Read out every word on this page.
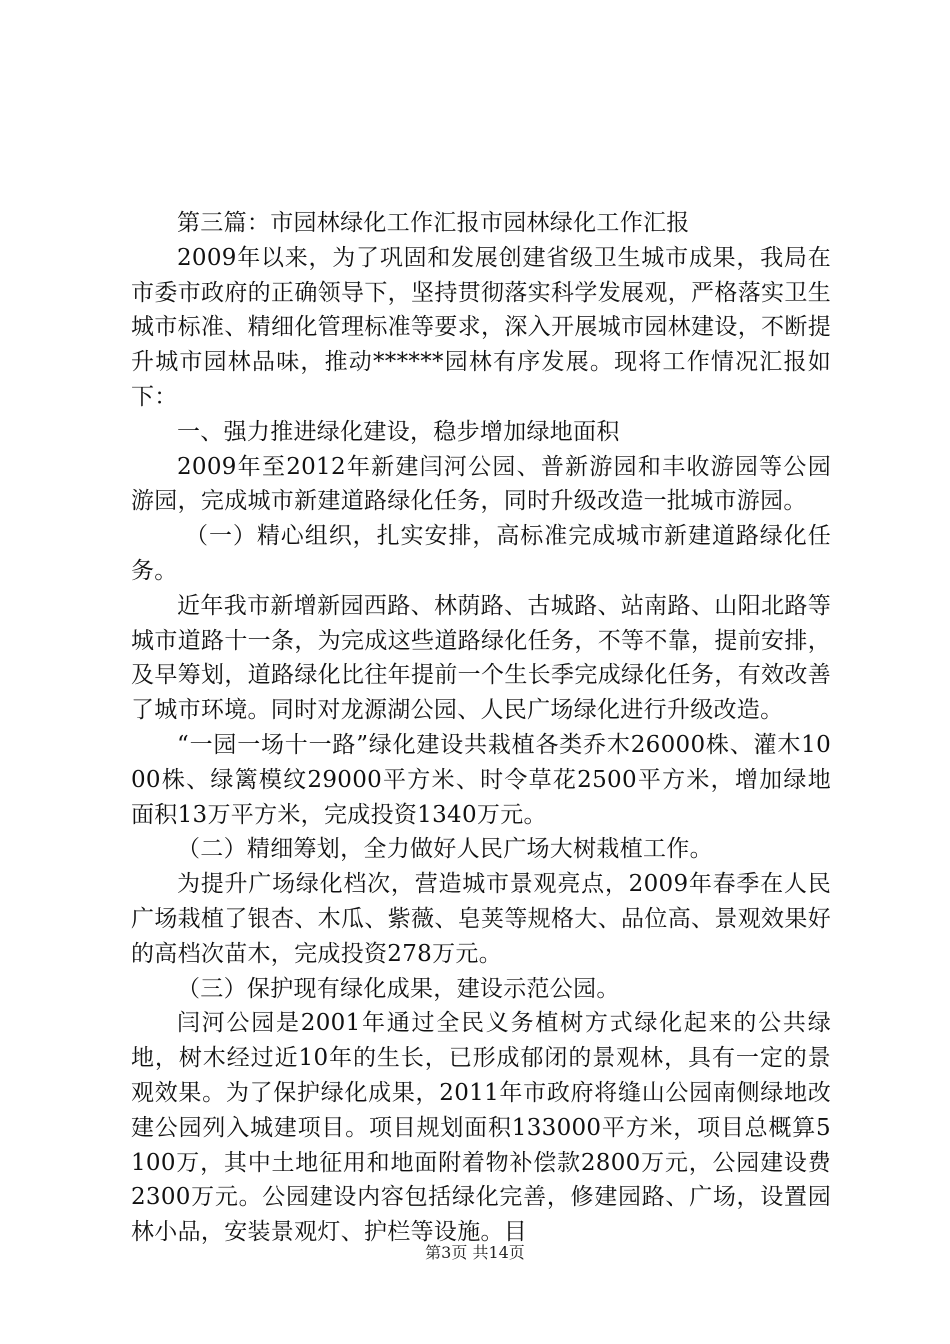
第三篇：市园林绿化工作汇报市园林绿化工作汇报

2009年以来，为了巩固和发展创建省级卫生城市成果，我局在市委市政府的正确领导下，坚持贯彻落实科学发展观，严格落实卫生城市标准、精细化管理标准等要求，深入开展城市园林建设，不断提升城市园林品味，推动******园林有序发展。现将工作情况汇报如下：

一、强力推进绿化建设，稳步增加绿地面积

2009年至2012年新建闫河公园、普新游园和丰收游园等公园游园，完成城市新建道路绿化任务，同时升级改造一批城市游园。

（一）精心组织，扎实安排，高标准完成城市新建道路绿化任务。

近年我市新增新园西路、林荫路、古城路、站南路、山阳北路等城市道路十一条，为完成这些道路绿化任务，不等不靠，提前安排，及早筹划，道路绿化比往年提前一个生长季完成绿化任务，有效改善了城市环境。同时对龙源湖公园、人民广场绿化进行升级改造。

“一园一场十一路”绿化建设共栽植各类乔木26000株、灌木1000株、绿篱模纹29000平方米、时令草花2500平方米，增加绿地面积13万平方米，完成投资1340万元。

（二）精细筹划，全力做好人民广场大树栽植工作。

为提升广场绿化档次，营造城市景观亮点，2009年春季在人民广场栽植了银杏、木瓜、紫薇、皂荚等规格大、品位高、景观效果好的高档次苗木，完成投资278万元。

（三）保护现有绿化成果，建设示范公园。

闫河公园是2001年通过全民义务植树方式绿化起来的公共绿地，树木经过近10年的生长，已形成郁闭的景观林，具有一定的景观效果。为了保护绿化成果，2011年市政府将缝山公园南侧绿地改建公园列入城建项目。项目规划面积133000平方米，项目总概算5100万，其中土地征用和地面附着物补偿款2800万元，公园建设费2300万元。公园建设内容包括绿化完善，修建园路、广场，设置园林小品，安装景观灯、护栏等设施。目

第3页 共14页
